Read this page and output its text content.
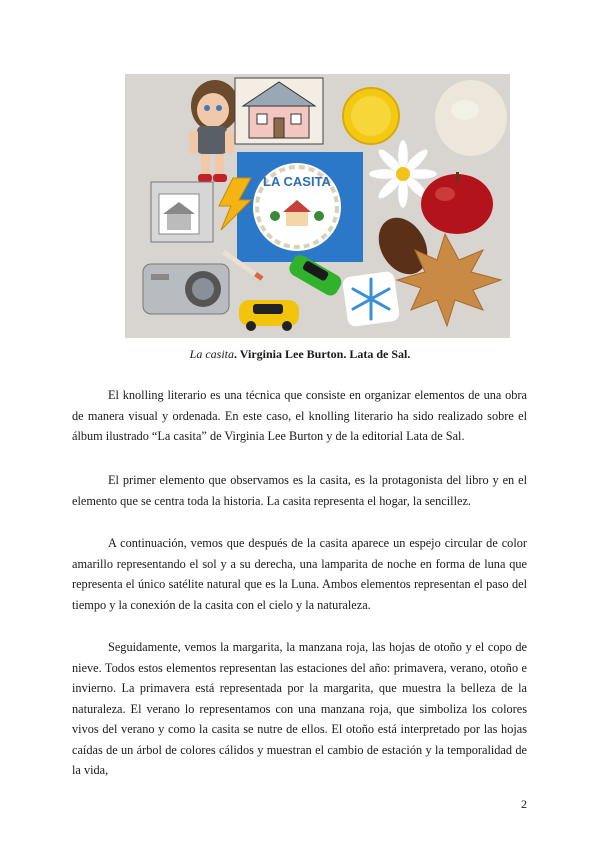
LA CASITA
La casita. Virginia Lee Burton. Lata de Sal.

El knolling literario es una técnica que consiste en organizar elementos de una obra de manera visual y ordenada. En este caso, el knolling literario ha sido realizado sobre el álbum ilustrado “La casita” de Virginia Lee Burton y de la editorial Lata de Sal.

El primer elemento que observamos es la casita, es la protagonista del libro y en el elemento que se centra toda la historia. La casita representa el hogar, la sencillez.

A continuación, vemos que después de la casita aparece un espejo circular de color amarillo representando el sol y a su derecha, una lamparita de noche en forma de luna que representa el único satélite natural que es la Luna. Ambos elementos representan el paso del tiempo y la conexión de la casita con el cielo y la naturaleza.

Seguidamente, vemos la margarita, la manzana roja, las hojas de otoño y el copo de nieve. Todos estos elementos representan las estaciones del año: primavera, verano, otoño e invierno. La primavera está representada por la margarita, que muestra la belleza de la naturaleza. El verano lo representamos con una manzana roja, que simboliza los colores vivos del verano y como la casita se nutre de ellos. El otoño está interpretado por las hojas caídas de un árbol de colores cálidos y muestran el cambio de estación y la temporalidad de la vida,

2
